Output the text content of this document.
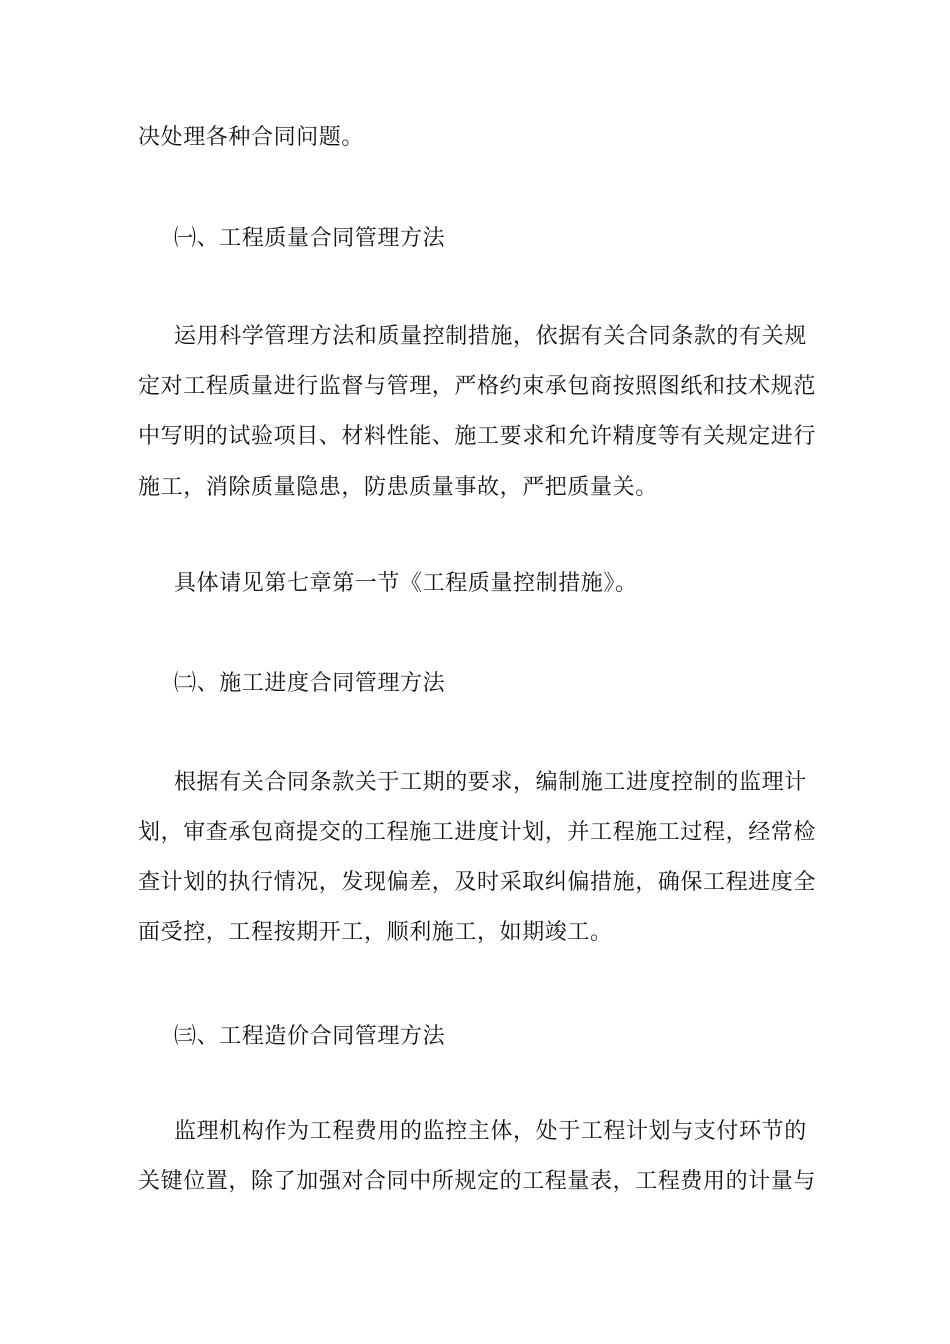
决处理各种合同问题。
㈠、工程质量合同管理方法
运用科学管理方法和质量控制措施，依据有关合同条款的有关规
定对工程质量进行监督与管理，严格约束承包商按照图纸和技术规范
中写明的试验项目、材料性能、施工要求和允许精度等有关规定进行
施工，消除质量隐患，防患质量事故，严把质量关。
具体请见第七章第一节《工程质量控制措施》。
㈡、施工进度合同管理方法
根据有关合同条款关于工期的要求，编制施工进度控制的监理计
划，审查承包商提交的工程施工进度计划，并工程施工过程，经常检
查计划的执行情况，发现偏差，及时采取纠偏措施，确保工程进度全
面受控，工程按期开工，顺利施工，如期竣工。
㈢、工程造价合同管理方法
监理机构作为工程费用的监控主体，处于工程计划与支付环节的
关键位置，除了加强对合同中所规定的工程量表，工程费用的计量与
